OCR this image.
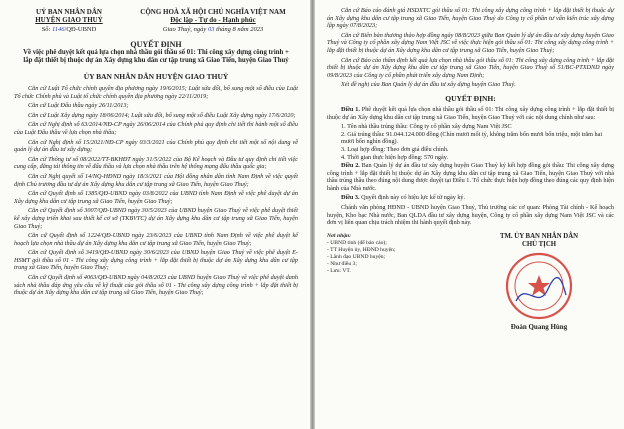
UỶ BAN NHÂN DÂN
HUYỆN GIAO THUỶ
CỘNG HOÀ XÃ HỘI CHỦ NGHĨA VIỆT NAM
Độc lập - Tự do - Hạnh phúc
Số: 1146/QĐ-UBND	Giao Thuỷ, ngày 03 tháng 8 năm 2023
QUYẾT ĐỊNH
Về việc phê duyệt kết quả lựa chọn nhà thầu gói thầu số 01: Thi công xây dựng công trình + lắp đặt thiết bị thuộc dự án Xây dựng khu dân cư tập trung xã Giao Tiến, huyện Giao Thuỷ
ỦY BAN NHÂN DÂN HUYỆN GIAO THUỶ

Căn cứ Luật Tổ chức chính quyền địa phương ngày 19/6/2015; Luật sửa đổi, bổ sung một số điều của Luật Tổ chức Chính phủ và Luật tổ chức chính quyền địa phương ngày 22/11/2019;

Căn cứ Luật Đấu thầu ngày 26/11/2013;

Căn cứ Luật Xây dựng ngày 18/06/2014; Luật sửa đổi, bổ sung một số điều Luật Xây dựng ngày 17/6/2020;

Căn cứ Nghị định số 63/2014/NĐ-CP ngày 26/06/2014 của Chính phủ quy định chi tiết thi hành một số điều của Luật Đấu thầu về lựa chọn nhà thầu;

Căn cứ Nghị định số 15/2021/NĐ-CP ngày 03/3/2021 của Chính phủ quy định chi tiết một số nội dung về quản lý dự án đầu tư xây dựng;

Căn cứ Thông tư số 08/2022/TT-BKHĐT ngày 31/5/2022 của Bộ Kế hoạch và Đầu tư quy định chi tiết việc cung cấp, đăng tải thông tin về đấu thầu và lựa chọn nhà thầu trên hệ thống mạng đấu thầu quốc gia;

Căn cứ Nghị quyết số 14/NQ-HĐND ngày 18/3/2021 của Hội đồng nhân dân tỉnh Nam Định về việc quyết định Chủ trương đầu tư dự án Xây dựng khu dân cư tập trung xã Giao Tiến, huyện Giao Thuỷ;

Căn cứ Quyết định số 1385/QĐ-UBND ngày 03/8/2022 của UBND tỉnh Nam Định về việc phê duyệt dự án Xây dựng khu dân cư tập trung xã Giao Tiến, huyện Giao Thuỷ;

Căn cứ Quyết định số 3007/QĐ-UBND ngày 30/5/2023 của UBND huyện Giao Thuỷ về việc phê duyệt thiết kế xây dựng triển khai sau thiết kế cơ sở (TKBVTC) dự án Xây dựng khu dân cư tập trung xã Giao Tiến, huyện Giao Thuỷ;

Căn cứ Quyết định số 1224/QĐ-UBND ngày 23/6/2023 của UBND tỉnh Nam Định về việc phê duyệt kế hoạch lựa chọn nhà thầu dự án Xây dựng khu dân cư tập trung xã Giao Tiến, huyện Giao Thuỷ;

Căn cứ Quyết định số 3419/QĐ-UBND ngày 30/6/2023 của UBND huyện Giao Thuỷ về việc phê duyệt E-HSMT gói thầu số 01 - Thi công xây dựng công trình + lắp đặt thiết bị thuộc dự án Xây dựng khu dân cư tập trung xã Giao Tiến, huyện Giao Thuỷ;

Căn cứ Quyết định số 4063/QĐ-UBND ngày 04/8/2023 của UBND huyện Giao Thuỷ về việc phê duyệt danh sách nhà thầu đáp ứng yêu cầu về kỹ thuật của gói thầu số 01 - Thi công xây dựng công trình + lắp đặt thiết bị thuộc dự án Xây dựng khu dân cư tập trung xã Giao Tiến, huyện Giao Thuỷ;

Căn cứ Báo cáo đánh giá HSDXTC gói thầu số 01: Thi công xây dựng công trình + lắp đặt thiết bị thuộc dự án Xây dựng khu dân cư tập trung xã Giao Tiến, huyện Giao Thuỷ do Công ty cổ phần tư vấn kiến trúc xây dựng lập ngày 07/8/2023;

Căn cứ Biên bản thương thảo hợp đồng ngày 08/8/2023 giữa Ban Quản lý dự án đầu tư xây dựng huyện Giao Thuỷ và Công ty cổ phần xây dựng Nam Việt JSC về việc thực hiện gói thầu số 01: Thi công xây dựng công trình + lắp đặt thiết bị thuộc dự án Xây dựng khu dân cư tập trung xã Giao Tiến, huyện Giao Thuỷ;

Căn cứ Báo cáo thẩm định kết quả lựa chọn nhà thầu gói thầu số 01: Thi công xây dựng công trình + lắp đặt thiết bị thuộc dự án Xây dựng khu dân cư tập trung xã Giao Tiến, huyện Giao Thuỷ số 51/BC-PTXDND ngày 09/8/2023 của Công ty cổ phần phát triển xây dựng Nam Định;

Xét đề nghị của Ban Quản lý dự án đầu tư xây dựng huyện Giao Thuỷ.

QUYẾT ĐỊNH:

Điều 1. Phê duyệt kết quả lựa chọn nhà thầu gói thầu số 01: Thi công xây dựng công trình + lắp đặt thiết bị thuộc dự án Xây dựng khu dân cư tập trung xã Giao Tiến, huyện Giao Thuỷ với các nội dung chính như sau:

1. Tên nhà thầu trúng thầu: Công ty cổ phần xây dựng Nam Việt JSC
2. Giá trúng thầu: 91.044.124.000 đồng (Chín mươi mốt tỷ, không trăm bốn mươi bốn triệu, một trăm hai mươi bốn nghìn đồng).
3. Loại hợp đồng: Theo đơn giá điều chỉnh.
4. Thời gian thực hiện hợp đồng: 570 ngày.

Điều 2. Ban Quản lý dự án đầu tư xây dựng huyện Giao Thuỷ ký kết hợp đồng gói thầu: Thi công xây dựng công trình + lắp đặt thiết bị thuộc dự án Xây dựng khu dân cư tập trung xã Giao Tiến, huyện Giao Thuỷ với nhà thầu trúng thầu theo đúng nội dung được duyệt tại Điều 1. Tổ chức thực hiện hợp đồng theo đúng các quy định hiện hành của Nhà nước.

Điều 3. Quyết định này có hiệu lực kể từ ngày ký.

Chánh văn phòng HĐND - UBND huyện Giao Thuỷ, Thủ trưởng các cơ quan: Phòng Tài chính - Kế hoạch huyện, Kho bạc Nhà nước, Ban QLDA đầu tư xây dựng huyện, Công ty cổ phần xây dựng Nam Việt JSC và các đơn vị liên quan chịu trách nhiệm thi hành quyết định này.

Nơi nhận:
- UBND tỉnh (để báo cáo);
- TT Huyện ủy, HĐND huyện;
- Lãnh đạo UBND huyện;
- Như điều 3;
- Lưu: VT.
TM. ỦY BAN NHÂN DÂN
CHỦ TỊCH
Đoàn Quang Hùng
